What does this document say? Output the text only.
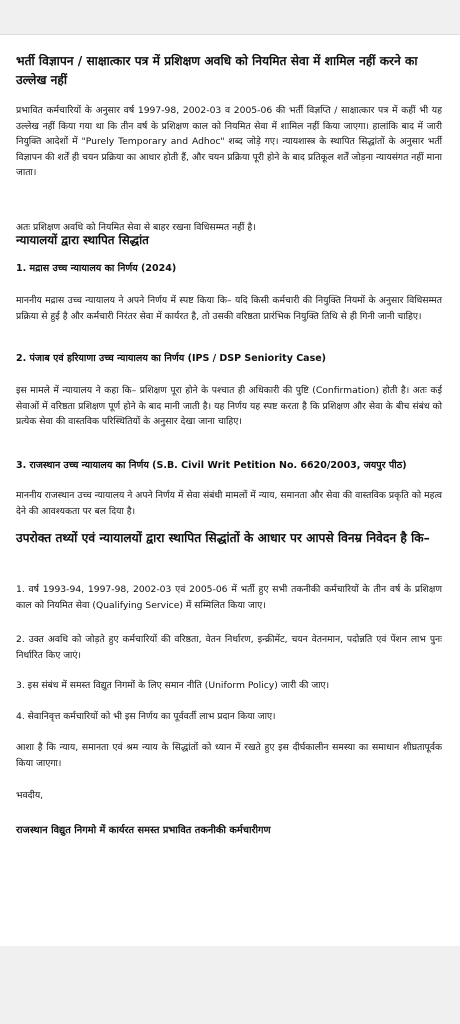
भर्ती विज्ञापन / साक्षात्कार पत्र में प्रशिक्षण अवधि को नियमित सेवा में शामिल नहीं करने का उल्लेख नहीं

प्रभावित कर्मचारियों के अनुसार वर्ष 1997-98, 2002-03 व 2005-06 की भर्ती विज्ञप्ति / साक्षात्कार पत्र में कहीं भी यह उल्लेख नहीं किया गया था कि तीन वर्ष के प्रशिक्षण काल को नियमित सेवा में शामिल नहीं किया जाएगा। हालांकि बाद में जारी नियुक्ति आदेशों में "Purely Temporary and Adhoc" शब्द जोड़े गए। न्यायशास्त्र के स्थापित सिद्धांतों के अनुसार भर्ती विज्ञापन की शर्तें ही चयन प्रक्रिया का आधार होती हैं, और चयन प्रक्रिया पूरी होने के बाद प्रतिकूल शर्तें जोड़ना न्यायसंगत नहीं माना जाता।

अतः प्रशिक्षण अवधि को नियमित सेवा से बाहर रखना विधिसम्मत नहीं है।

न्यायालयों द्वारा स्थापित सिद्धांत

1. मद्रास उच्च न्यायालय का निर्णय (2024)

माननीय मद्रास उच्च न्यायालय ने अपने निर्णय में स्पष्ट किया कि– यदि किसी कर्मचारी की नियुक्ति नियमों के अनुसार विधिसम्मत प्रक्रिया से हुई है और कर्मचारी निरंतर सेवा में कार्यरत है, तो उसकी वरिष्ठता प्रारंभिक नियुक्ति तिथि से ही गिनी जानी चाहिए।

2. पंजाब एवं हरियाणा उच्च न्यायालय का निर्णय (IPS / DSP Seniority Case)

इस मामले में न्यायालय ने कहा कि– प्रशिक्षण पूरा होने के पश्चात ही अधिकारी की पुष्टि (Confirmation) होती है। अतः कई सेवाओं में वरिष्ठता प्रशिक्षण पूर्ण होने के बाद मानी जाती है। यह निर्णय यह स्पष्ट करता है कि प्रशिक्षण और सेवा के बीच संबंध को प्रत्येक सेवा की वास्तविक परिस्थितियों के अनुसार देखा जाना चाहिए।

3. राजस्थान उच्च न्यायालय का निर्णय (S.B. Civil Writ Petition No. 6620/2003, जयपुर पीठ)

माननीय राजस्थान उच्च न्यायालय ने अपने निर्णय में सेवा संबंधी मामलों में न्याय, समानता और सेवा की वास्तविक प्रकृति को महत्व देने की आवश्यकता पर बल दिया है।

उपरोक्त तथ्यों एवं न्यायालयों द्वारा स्थापित सिद्धांतों के आधार पर आपसे विनम्र निवेदन है कि–

1. वर्ष 1993-94, 1997-98, 2002-03 एवं 2005-06 में भर्ती हुए सभी तकनीकी कर्मचारियों के तीन वर्ष के प्रशिक्षण काल को नियमित सेवा (Qualifying Service) में सम्मिलित किया जाए।

2. उक्त अवधि को जोड़ते हुए कर्मचारियों की वरिष्ठता, वेतन निर्धारण, इन्क्रीमेंट, चयन वेतनमान, पदोन्नति एवं पेंशन लाभ पुनः निर्धारित किए जाएं।

3. इस संबंध में समस्त विद्युत निगमों के लिए समान नीति (Uniform Policy) जारी की जाए।

4. सेवानिवृत्त कर्मचारियों को भी इस निर्णय का पूर्ववर्ती लाभ प्रदान किया जाए।

आशा है कि न्याय, समानता एवं श्रम न्याय के सिद्धांतों को ध्यान में रखते हुए इस दीर्घकालीन समस्या का समाधान शीघ्रतापूर्वक किया जाएगा।

भवदीय,

राजस्थान विद्युत निगमो में कार्यरत समस्त प्रभावित तकनीकी कर्मचारीगण
